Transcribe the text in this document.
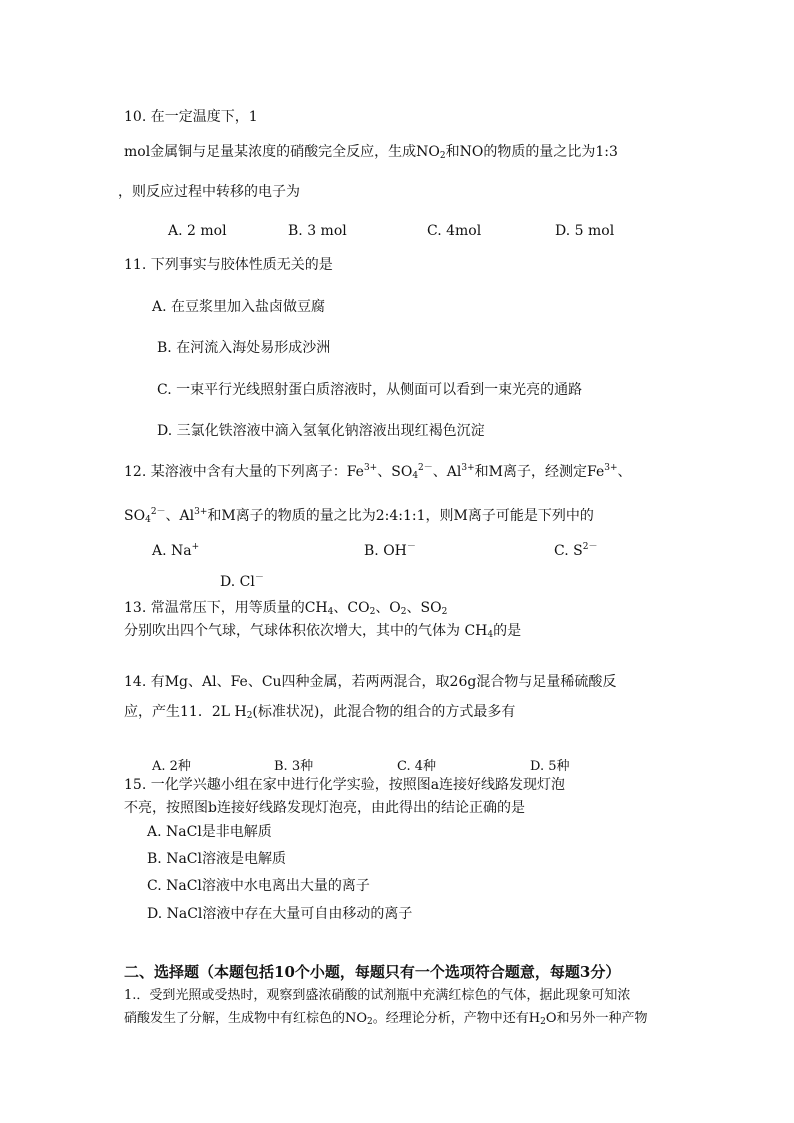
10. 在一定温度下，1
mol金属铜与足量某浓度的硝酸完全反应，生成$NO_2$和NO的物质的量之比为1:3
，则反应过程中转移的电子为
A. 2 mol	B. 3 mol	C. 4mol	D. 5 mol
11. 下列事实与胶体性质无关的是
A. 在豆浆里加入盐卤做豆腐
B. 在河流入海处易形成沙洲
C. 一束平行光线照射蛋白质溶液时，从侧面可以看到一束光亮的通路
D. 三氯化铁溶液中滴入氢氧化钠溶液出现红褐色沉淀
12. 某溶液中含有大量的下列离子：$Fe^{3+}$、$SO_4^{2-}$、$Al^{3+}$和M离子，经测定$Fe^{3+}$、
$SO_4^{2-}$、$Al^{3+}$和M离子的物质的量之比为2:4:1:1，则M离子可能是下列中的
A. Na+	B. OH－	C. $S^{2-}$
D. Cl－
13. 常温常压下，用等质量的$CH_4$、$CO_2$、$O_2$、$SO_2$
分别吹出四个气球，气球体积依次增大，其中的气体为 $CH_4$的是
14. 有Mg、Al、Fe、Cu四种金属，若两两混合，取26g混合物与足量稀硫酸反
应，产生11．2L $H_2$(标准状况)，此混合物的组合的方式最多有
A. 2种	B. 3种	C. 4种	D. 5种
15. 一化学兴趣小组在家中进行化学实验，按照图a连接好线路发现灯泡
不亮，按照图b连接好线路发现灯泡亮，由此得出的结论正确的是
A. NaCl是非电解质
B. NaCl溶液是电解质
C. NaCl溶液中水电离出大量的离子
D. NaCl溶液中存在大量可自由移动的离子
二、选择题（本题包括10个小题，每题只有一个选项符合题意，每题3分）
1.．受到光照或受热时，观察到盛浓硝酸的试剂瓶中充满红棕色的气体，据此现象可知浓
硝酸发生了分解，生成物中有红棕色的$NO_2$。经理论分析，产物中还有$H_2O$和另外一种产物
